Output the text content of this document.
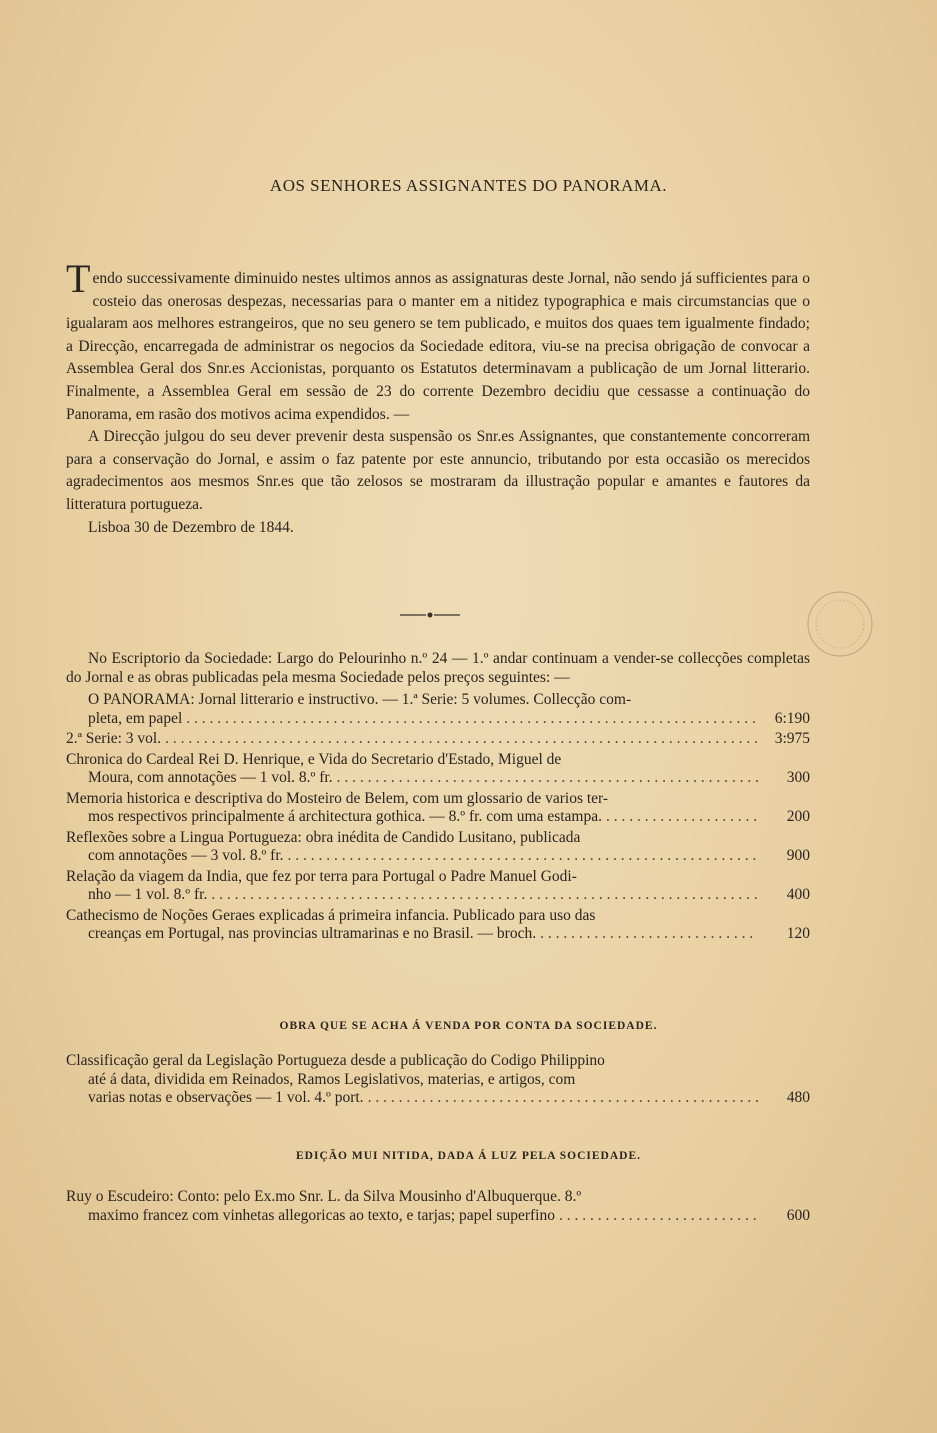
AOS SENHORES ASSIGNANTES DO PANORAMA.

Tendo successivamente diminuido nestes ultimos annos as assignaturas deste Jornal, não sendo já sufficientes para o costeio das onerosas despezas, necessarias para o manter em a nitidez typographica e mais circumstancias que o igualaram aos melhores estrangeiros, que no seu genero se tem publicado, e muitos dos quaes tem igualmente findado; a Direcção, encarregada de administrar os negocios da Sociedade editora, viu-se na precisa obrigação de convocar a Assemblea Geral dos Snr.es Accionistas, porquanto os Estatutos determinavam a publicação de um Jornal litterario. Finalmente, a Assemblea Geral em sessão de 23 do corrente Dezembro decidiu que cessasse a continuação do Panorama, em rasão dos motivos acima expendidos. —

A Direcção julgou do seu dever prevenir desta suspensão os Snr.es Assignantes, que constantemente concorreram para a conservação do Jornal, e assim o faz patente por este annuncio, tributando por esta occasião os merecidos agradecimentos aos mesmos Snr.es que tão zelosos se mostraram da illustração popular e amantes e fautores da litteratura portugueza.

Lisboa 30 de Dezembro de 1844.

No Escriptorio da Sociedade: Largo do Pelourinho n.º 24 — 1.º andar continuam a vender-se collecções completas do Jornal e as obras publicadas pela mesma Sociedade pelos preços seguintes: —
O PANORAMA: Jornal litterario e instructivo. — 1.ª Serie: 5 volumes. Collecção com-
pleta, em papel . . .	6:190
2.ª Serie: 3 vol. . . .	3:975
Chronica do Cardeal Rei D. Henrique, e Vida do Secretario d'Estado, Miguel de
Moura, com annotações — 1 vol. 8.º fr. . . .	300
Memoria historica e descriptiva do Mosteiro de Belem, com um glossario de varios ter-
mos respectivos principalmente á architectura gothica. — 8.º fr. com uma estampa. . . .	200
Reflexões sobre a Lingua Portugueza: obra inédita de Candido Lusitano, publicada
com annotações — 3 vol. 8.º fr. . . .	900
Relação da viagem da India, que fez por terra para Portugal o Padre Manuel Godi-
nho — 1 vol. 8.º fr. . . .	400
Cathecismo de Noções Geraes explicadas á primeira infancia. Publicado para uso das
creanças em Portugal, nas provincias ultramarinas e no Brasil. — broch. . . .	120
OBRA QUE SE ACHA Á VENDA POR CONTA DA SOCIEDADE.
Classificação geral da Legislação Portugueza desde a publicação do Codigo Philippino
até á data, dividida em Reinados, Ramos Legislativos, materias, e artigos, com
varias notas e observações — 1 vol. 4.º port. . . .	480
EDIÇÃO MUI NITIDA, DADA Á LUZ PELA SOCIEDADE.
Ruy o Escudeiro: Conto: pelo Ex.mo Snr. L. da Silva Mousinho d'Albuquerque. 8.º
maximo francez com vinhetas allegoricas ao texto, e tarjas; papel superfino . . .	600
